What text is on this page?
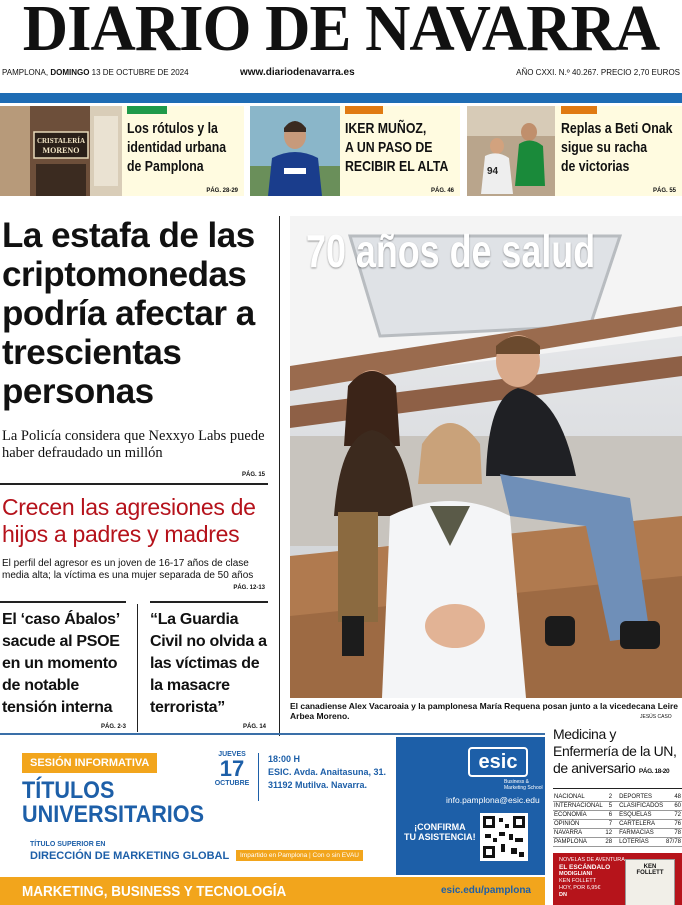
DIARIO DE NAVARRA
PAMPLONA, DOMINGO 13 DE OCTUBRE DE 2024	www.diariodenavarra.es	AÑO CXXI. N.º 40.267. PRECIO 2,70 EUROS
CRISTALERÍA
MORENO
Los rótulos y la
identidad urbana
de Pamplona
PÁG. 28-29
IKER MUÑOZ,
A UN PASO DE
RECIBIR EL ALTA
PÁG. 46
94
Replas a Beti Onak
sigue su racha
de victorias
PÁG. 55
La estafa de las criptomonedas podría afectar a trescientas personas
La Policía considera que Nexxyo Labs puede haber defraudado un millón
PÁG. 15
Crecen las agresiones de hijos a padres y madres
El perfil del agresor es un joven de 16-17 años de clase media alta; la víctima es una mujer separada de 50 años
PÁG. 12-13
El ‘caso Ábalos’ sacude al PSOE en un momento de notable tensión interna
PÁG. 2-3
“La Guardia Civil no olvida a las víctimas de la masacre terrorista”
PÁG. 14
70 años de salud
El canadiense Alex Vacaroaia y la pamplonesa María Requena posan junto a la vicedecana Leire Arbea Moreno.	JESÚS CASO
SESIÓN INFORMATIVA
TÍTULOS
UNIVERSITARIOS
TÍTULO SUPERIOR EN
DIRECCIÓN DE MARKETING GLOBAL	Impartido en Pamplona | Con o sin EVAU
JUEVES
17
OCTUBRE
18:00 H
ESIC. Avda. Anaitasuna, 31.
31192 Mutilva. Navarra.
esic
Business &
Marketing School
info.pamplona@esic.edu
¡CONFIRMA
TU ASISTENCIA!
MARKETING, BUSINESS Y TECNOLOGÍA	esic.edu/pamplona
Medicina y Enfermería de la UN, de aniversario PÁG. 18-20
NACIONAL	2	DEPORTES	48
INTERNACIONAL	5	CLASIFICADOS	60
ECONOMÍA	6	ESQUELAS	72
OPINIÓN	7	CARTELERA	76
NAVARRA	12	FARMACIAS	78
PAMPLONA	28	LOTERÍAS	87/78
NOVELAS DE AVENTURA
EL ESCÁNDALO
MODIGLIANI
KEN FOLLETT
HOY, POR 6,95€
DN
KEN
FOLLETT
